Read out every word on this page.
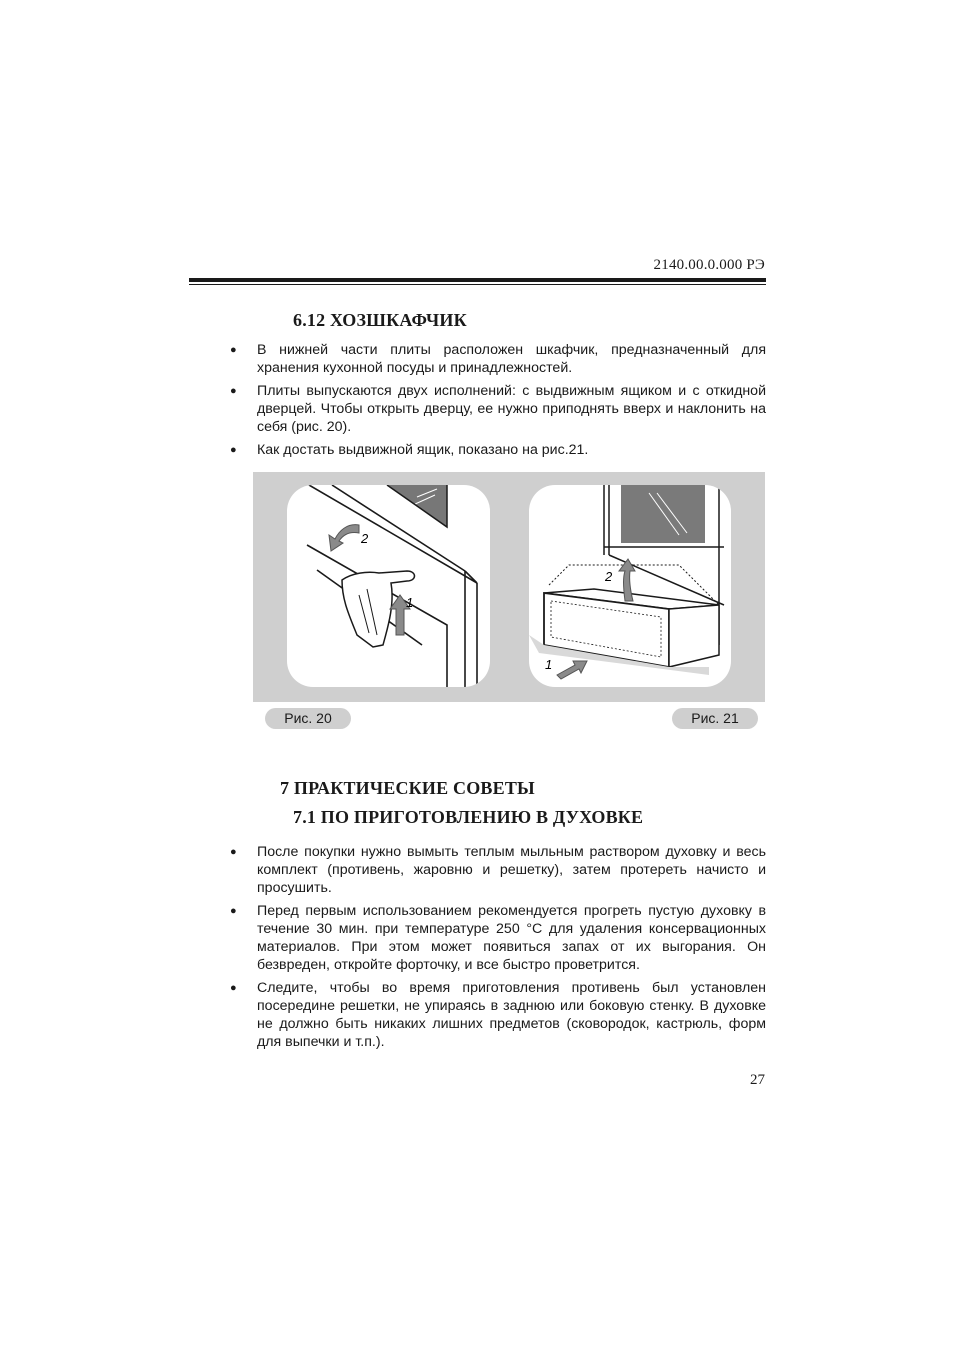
2140.00.0.000 РЭ
6.12 ХОЗШКАФЧИК
● В нижней части плиты расположен шкафчик, предназначенный для хранения кухонной посуды и принадлежностей.
● Плиты выпускаются двух исполнений: с выдвижным ящиком и с откидной дверцей. Чтобы открыть дверцу, ее нужно приподнять вверх и наклонить на себя (рис. 20).
● Как достать выдвижной ящик, показано на рис.21.
1
2
2
1
Рис. 20	Рис. 21
7 ПРАКТИЧЕСКИЕ СОВЕТЫ
7.1 ПО ПРИГОТОВЛЕНИЮ В ДУХОВКЕ
● После покупки нужно вымыть теплым мыльным раствором духовку и весь комплект (противень, жаровню и решетку), затем протереть начисто и просушить.
● Перед первым использованием рекомендуется прогреть пустую духовку в течение 30 мин. при температуре 250 °С для удаления консервационных материалов. При этом может появиться запах от их выгорания. Он безвреден, откройте форточку, и все быстро проветрится.
● Следите, чтобы во время приготовления противень был установлен посередине решетки, не упираясь в заднюю или боковую стенку. В духовке не должно быть никаких лишних предметов (сковородок, кастрюль, форм для выпечки и т.п.).
27
